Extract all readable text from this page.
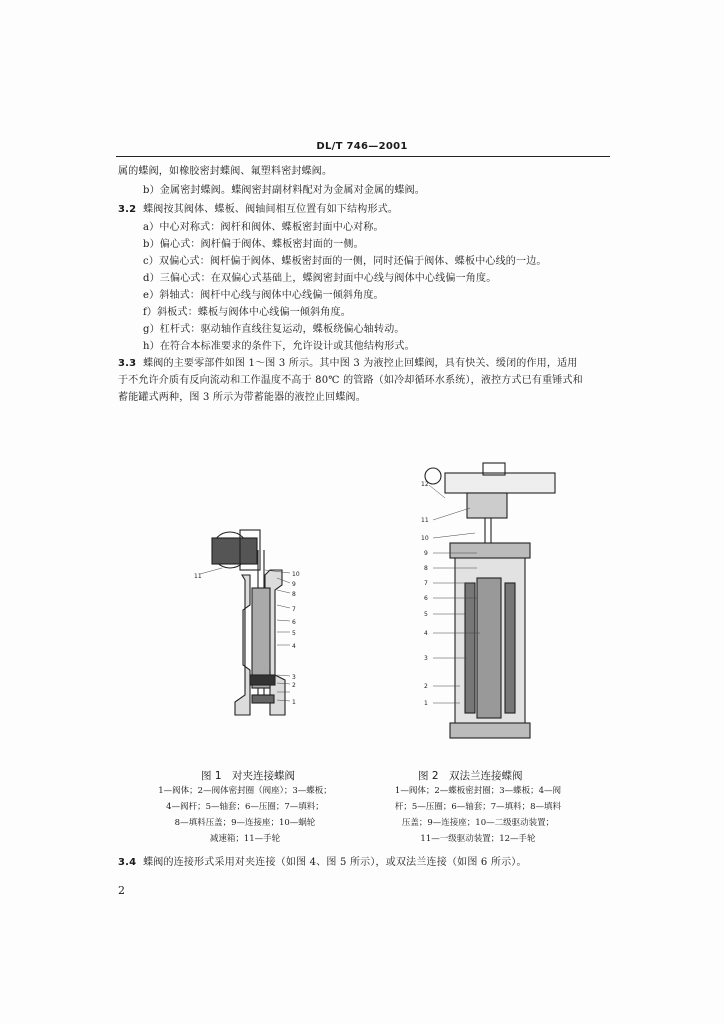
DL/T 746—2001
属的蝶阀，如橡胶密封蝶阀、氟塑料密封蝶阀。
b）金属密封蝶阀。蝶阀密封副材料配对为金属对金属的蝶阀。
3.2 蝶阀按其阀体、蝶板、阀轴间相互位置有如下结构形式。
a）中心对称式：阀杆和阀体、蝶板密封面中心对称。
b）偏心式：阀杆偏于阀体、蝶板密封面的一侧。
c）双偏心式：阀杆偏于阀体、蝶板密封面的一侧，同时还偏于阀体、蝶板中心线的一边。
d）三偏心式：在双偏心式基础上，蝶阀密封面中心线与阀体中心线偏一角度。
e）斜轴式：阀杆中心线与阀体中心线偏一倾斜角度。
f）斜板式：蝶板与阀体中心线偏一倾斜角度。
g）杠杆式：驱动轴作直线往复运动，蝶板绕偏心轴转动。
h）在符合本标准要求的条件下，允许设计或其他结构形式。
3.3 蝶阀的主要零部件如图 1～图 3 所示。其中图 3 为液控止回蝶阀，具有快关、缓闭的作用，适用
于不允许介质有反向流动和工作温度不高于 80℃ 的管路（如冷却循环水系统），液控方式已有重锤式和
蓄能罐式两种，图 3 所示为带蓄能器的液控止回蝶阀。
11	10
9
8
7
6
5
4
3
2
1
12
11
10
9
8
7
6
5
4
3
2
1
图 1　对夹连接蝶阀	图 2　双法兰连接蝶阀
1—阀体；2—阀体密封圈（阀座）；3—蝶板；
4—阀杆；5—轴套；6—压圈；7—填料；
8—填料压盖；9—连接座；10—蜗轮
减速箱；11—手轮
1—阀体；2—蝶板密封圈；3—蝶板；4—阀
杆；5—压圈；6—轴套；7—填料；8—填料
压盖；9—连接座；10—二级驱动装置；
11—一级驱动装置；12—手轮
3.4 蝶阀的连接形式采用对夹连接（如图 4、图 5 所示），或双法兰连接（如图 6 所示）。
2
